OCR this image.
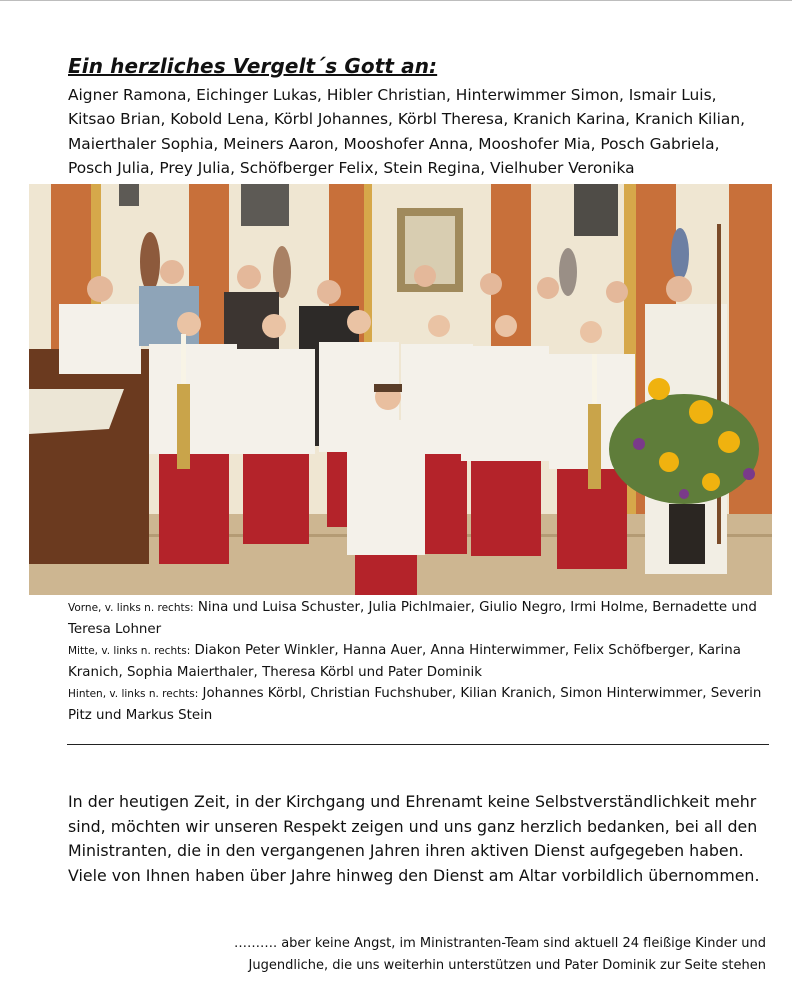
Ein herzliches Vergelt´s Gott an:
Aigner Ramona, Eichinger Lukas, Hibler Christian, Hinterwimmer Simon, Ismair Luis, Kitsao Brian, Kobold Lena, Körbl Johannes, Körbl Theresa, Kranich Karina, Kranich Kilian, Maierthaler Sophia, Meiners Aaron, Mooshofer Anna, Mooshofer Mia, Posch Gabriela, Posch Julia, Prey Julia, Schöfberger Felix, Stein Regina, Vielhuber Veronika
Vorne, v. links n. rechts: Nina und Luisa Schuster, Julia Pichlmaier, Giulio Negro, Irmi Holme, Bernadette und Teresa Lohner
Mitte, v. links n. rechts: Diakon Peter Winkler, Hanna Auer, Anna Hinterwimmer, Felix Schöfberger, Karina Kranich, Sophia Maierthaler, Theresa Körbl und Pater Dominik
Hinten, v. links n. rechts: Johannes Körbl, Christian Fuchshuber, Kilian Kranich, Simon Hinterwimmer, Severin Pitz und Markus Stein
In der heutigen Zeit, in der Kirchgang und Ehrenamt keine Selbstverständlichkeit mehr sind, möchten wir unseren Respekt zeigen und uns ganz herzlich bedanken, bei all den Ministranten, die in den vergangenen Jahren ihren aktiven Dienst aufgegeben haben. Viele von Ihnen haben über Jahre hinweg den Dienst am Altar vorbildlich übernommen.
………. aber keine Angst, im Ministranten-Team sind aktuell 24 fleißige Kinder und
Jugendliche, die uns weiterhin unterstützen und Pater Dominik zur Seite stehen
